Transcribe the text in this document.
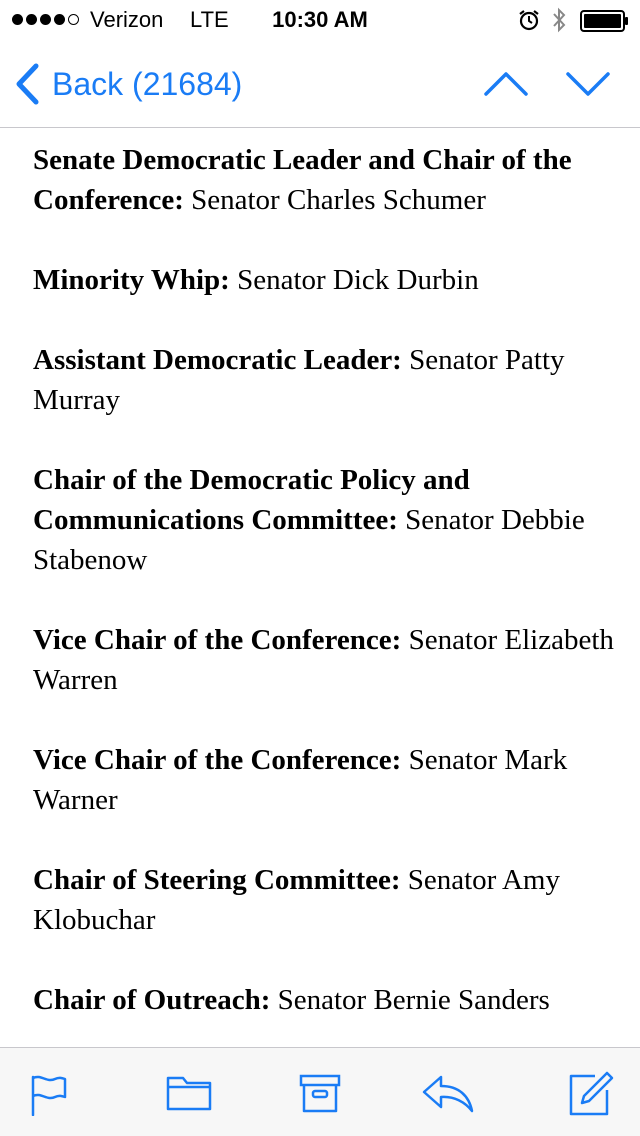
Verizon LTE	10:30 AM
Back (21684)

Senate Democratic Leader and Chair of the Conference: Senator Charles Schumer

Minority Whip: Senator Dick Durbin

Assistant Democratic Leader: Senator Patty Murray

Chair of the Democratic Policy and Communications Committee: Senator Debbie Stabenow

Vice Chair of the Conference: Senator Elizabeth Warren

Vice Chair of the Conference: Senator Mark Warner

Chair of Steering Committee: Senator Amy Klobuchar

Chair of Outreach: Senator Bernie Sanders
